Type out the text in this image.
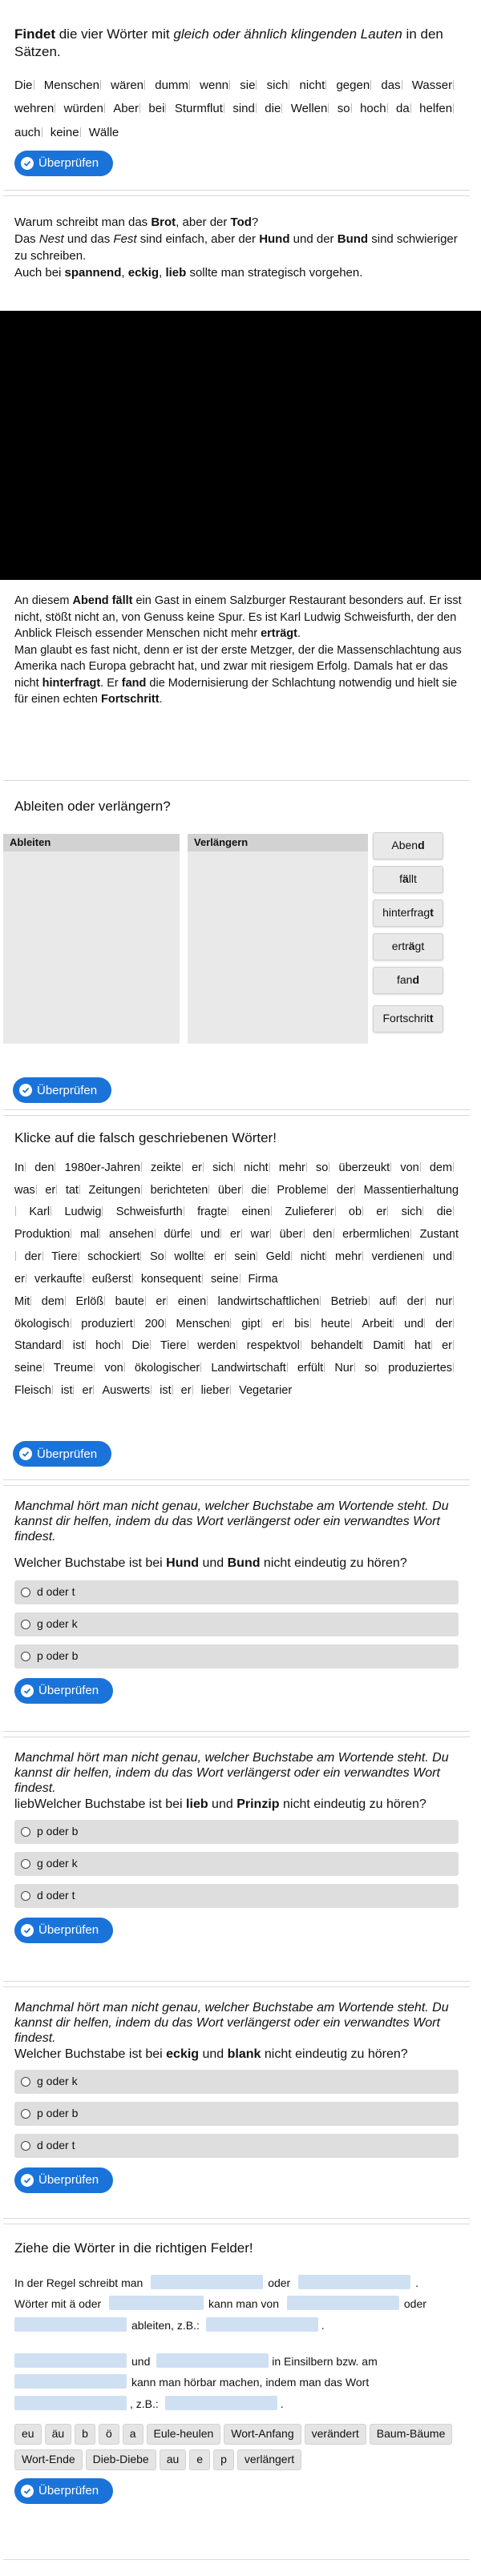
Findet die vier Wörter mit gleich oder ähnlich klingenden Lauten in den Sätzen.
Die Menschen wären dumm wenn sie sich nicht gegen das Wasser wehren würden Aber bei Sturmflut sind die Wellen so hoch da helfen auch keine Wälle
Überprüfen
Warum schreibt man das Brot, aber der Tod?
Das Nest und das Fest sind einfach, aber der Hund und der Bund sind schwieriger zu schreiben.
Auch bei spannend, eckig, lieb sollte man strategisch vorgehen.
An diesem Abend fällt ein Gast in einem Salzburger Restaurant besonders auf. Er isst nicht, stößt nicht an, von Genuss keine Spur. Es ist Karl Ludwig Schweisfurth, der den Anblick Fleisch essender Menschen nicht mehr erträgt.
Man glaubt es fast nicht, denn er ist der erste Metzger, der die Massenschlachtung aus Amerika nach Europa gebracht hat, und zwar mit riesigem Erfolg. Damals hat er das nicht hinterfragt. Er fand die Modernisierung der Schlachtung notwendig und hielt sie für einen echten Fortschritt.
Ableiten oder verlängern?
Ableiten	Verlängern	Aben d
f ä llt
hinterfrag t
ertr ä gt
fan d
Fortschrit t
Überprüfen
Klicke auf die falsch geschriebenen Wörter!
In den 1980er-Jahren zeikte er sich nicht mehr so überzeukt von dem was er tat Zeitungen berichteten über die Probleme der Massentierhaltung Karl Ludwig Schweisfurth fragte einen Zulieferer ob er sich die Produktion mal ansehen dürfe und er war über den erbermlichen Zustant der Tiere schockiert So wollte er sein Geld nicht mehr verdienen und er verkaufte eußerst konsequent seine Firma
Mit dem Erlöß baute er einen landwirtschaftlichen Betrieb auf der nur ökologisch produziert 200 Menschen gipt er bis heute Arbeit und der Standard ist hoch Die Tiere werden respektvol behandelt Damit hat er seine Treume von ökologischer Landwirtschaft erfült Nur so produziertes Fleisch ist er Auswerts ist er lieber Vegetarier
Überprüfen
Manchmal hört man nicht genau, welcher Buchstabe am Wortende steht. Du kannst dir helfen, indem du das Wort verlängerst oder ein verwandtes Wort findest.
Welcher Buchstabe ist bei Hund und Bund nicht eindeutig zu hören?
d oder t
g oder k
p oder b
Überprüfen
Manchmal hört man nicht genau, welcher Buchstabe am Wortende steht. Du kannst dir helfen, indem du das Wort verlängerst oder ein verwandtes Wort findest.
liebWelcher Buchstabe ist bei lieb und Prinzip nicht eindeutig zu hören?
p oder b
g oder k
d oder t
Überprüfen
Manchmal hört man nicht genau, welcher Buchstabe am Wortende steht. Du kannst dir helfen, indem du das Wort verlängerst oder ein verwandtes Wort findest.
Welcher Buchstabe ist bei eckig und blank nicht eindeutig zu hören?
g oder k
p oder b
d oder t
Überprüfen
Ziehe die Wörter in die richtigen Felder!
In der Regel schreibt man	oder	.
Wörter mit ä oder	kann man von	oder
ableiten, z.B.:	.
und	in Einsilbern bzw. am
kann man hörbar machen, indem man das Wort
, z.B.:	.
eu äu b ö a Eule-heulen Wort-Anfang verändert Baum-BäumeWort-Ende Dieb-Diebe au e p verlängert
Überprüfen
